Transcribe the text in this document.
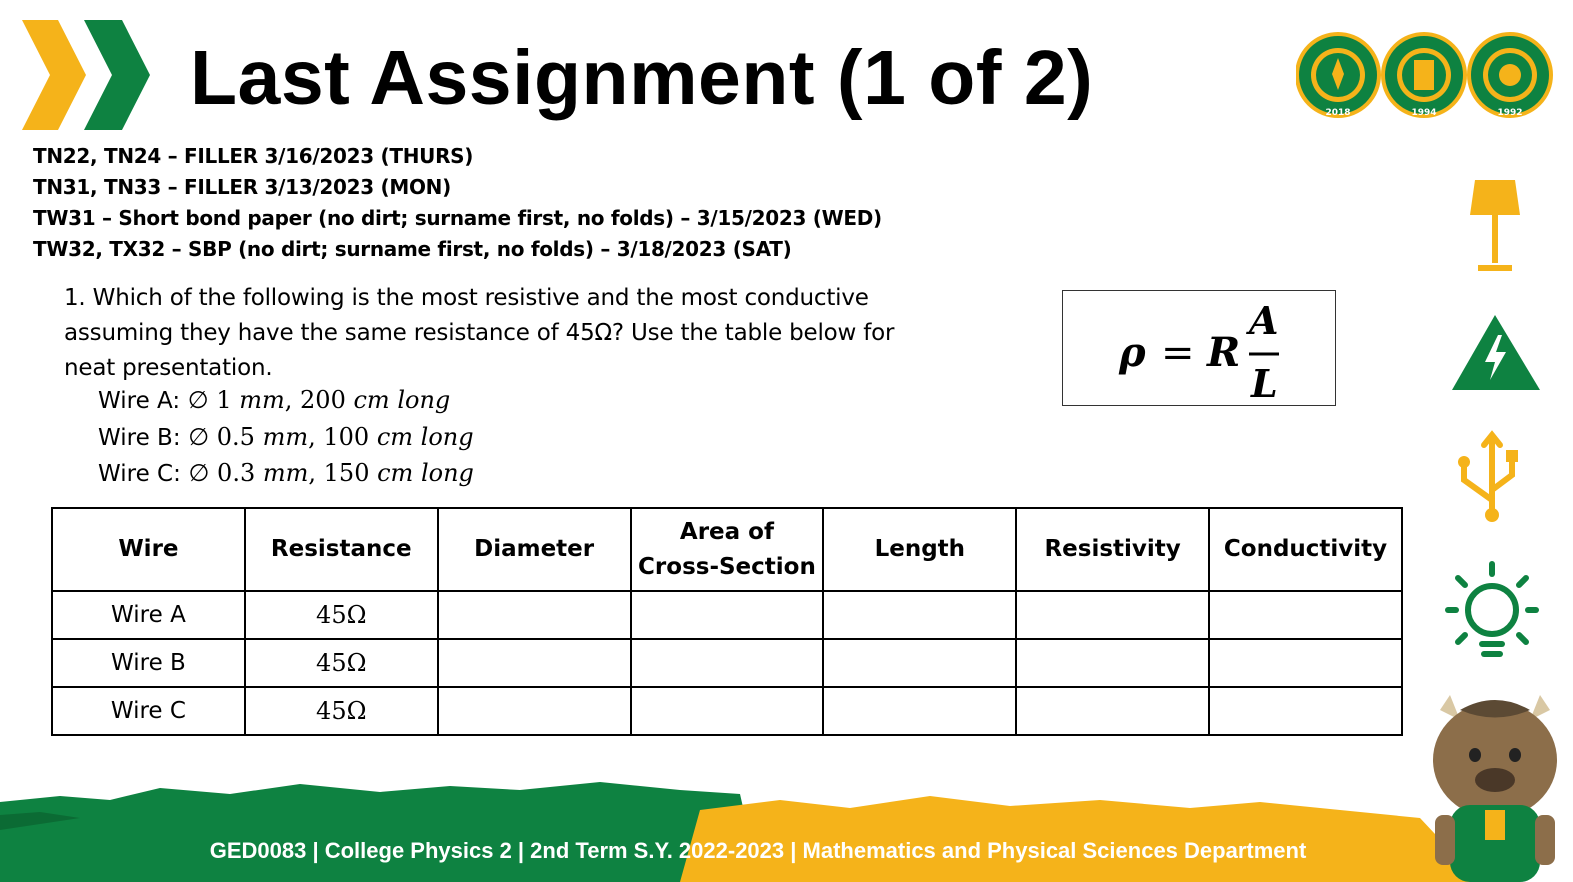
Last Assignment (1 of 2)	2018	1994	1992
TN22, TN24 – FILLER 3/16/2023 (THURS)
TN31, TN33 – FILLER 3/13/2023 (MON)
TW31 – Short bond paper (no dirt; surname first, no folds) – 3/15/2023 (WED)
TW32, TX32 – SBP (no dirt; surname first, no folds) – 3/18/2023 (SAT)
1. Which of the following is the most resistive and the most conductive assuming they have the same resistance of 45Ω? Use the table below for neat presentation.
Wire A: ∅ 1 mm, 200 cm long
Wire B: ∅ 0.5 mm, 100 cm long
Wire C: ∅ 0.3 mm, 150 cm long
ρ = R
A
L
Wire	Resistance	Diameter	Area of Cross-Section	Length	Resistivity	Conductivity
Wire A	45Ω					
Wire B	45Ω					
Wire C	45Ω					
GED0083 | College Physics 2 | 2nd Term S.Y. 2022-2023 | Mathematics and Physical Sciences Department
